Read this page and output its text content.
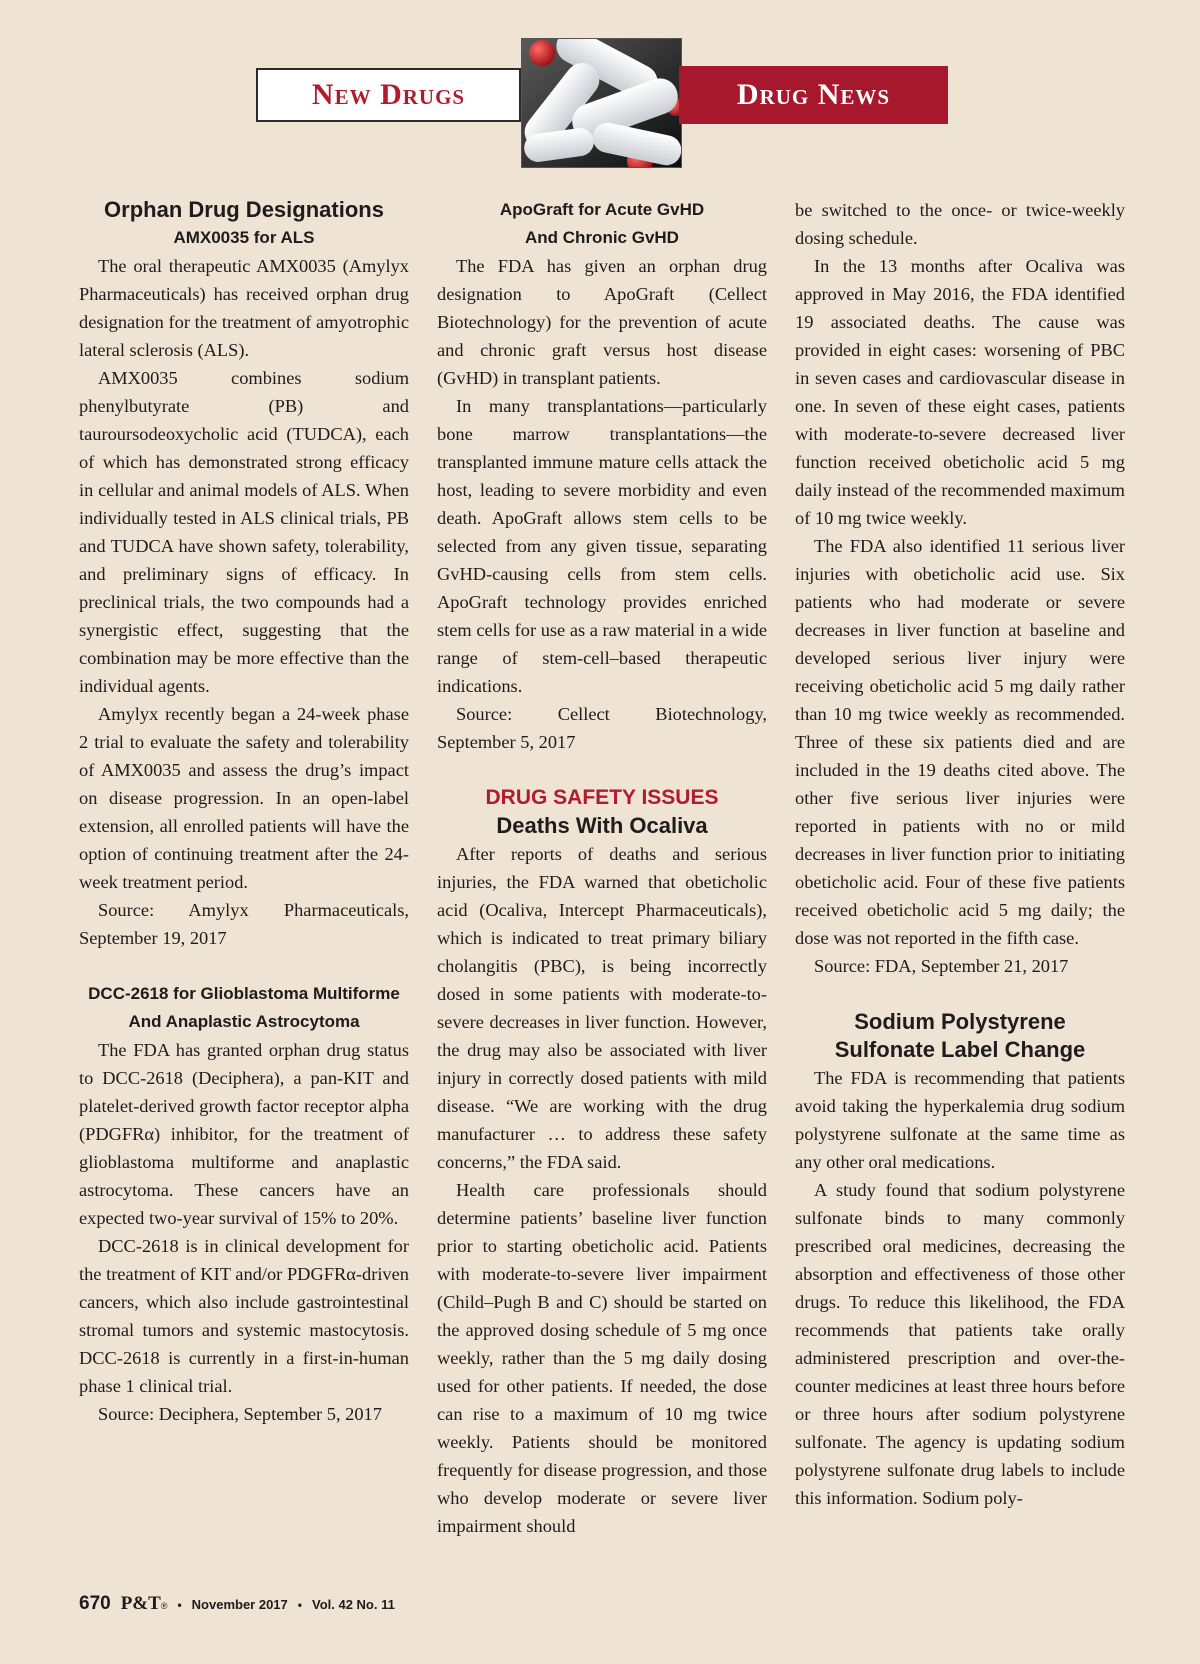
New Drugs	Drug News
Orphan Drug Designations
AMX0035 for ALS

The oral therapeutic AMX0035 (Amylyx Pharmaceuticals) has received orphan drug designation for the treatment of amyotrophic lateral sclerosis (ALS).

AMX0035 combines sodium phenylbutyrate (PB) and tauroursodeoxycholic acid (TUDCA), each of which has demonstrated strong efficacy in cellular and animal models of ALS. When individually tested in ALS clinical trials, PB and TUDCA have shown safety, tolerability, and preliminary signs of efficacy. In preclinical trials, the two compounds had a synergistic effect, suggesting that the combination may be more effective than the individual agents.

Amylyx recently began a 24-week phase 2 trial to evaluate the safety and tolerability of AMX0035 and assess the drug’s impact on disease progression. In an open-label extension, all enrolled patients will have the option of continuing treatment after the 24-week treatment period.

Source: Amylyx Pharmaceuticals, September 19, 2017

DCC-2618 for Glioblastoma Multiforme
And Anaplastic Astrocytoma

The FDA has granted orphan drug status to DCC-2618 (Deciphera), a pan-KIT and platelet-derived growth factor receptor alpha (PDGFRα) inhibitor, for the treatment of glioblastoma multiforme and anaplastic astrocytoma. These cancers have an expected two-year survival of 15% to 20%.

DCC-2618 is in clinical development for the treatment of KIT and/or PDGFRα-driven cancers, which also include gastrointestinal stromal tumors and systemic mastocytosis. DCC-2618 is currently in a first-in-human phase 1 clinical trial.

Source: Deciphera, September 5, 2017

ApoGraft for Acute GvHD
And Chronic GvHD

The FDA has given an orphan drug designation to ApoGraft (Cellect Biotechnology) for the prevention of acute and chronic graft versus host disease (GvHD) in transplant patients.

In many transplantations—particularly bone marrow transplantations—the transplanted immune mature cells attack the host, leading to severe morbidity and even death. ApoGraft allows stem cells to be selected from any given tissue, separating GvHD-causing cells from stem cells. ApoGraft technology provides enriched stem cells for use as a raw material in a wide range of stem-cell–based therapeutic indications.

Source: Cellect Biotechnology, September 5, 2017

DRUG SAFETY ISSUES
Deaths With Ocaliva

After reports of deaths and serious injuries, the FDA warned that obeticholic acid (Ocaliva, Intercept Pharmaceuticals), which is indicated to treat primary biliary cholangitis (PBC), is being incorrectly dosed in some patients with moderate-to-severe decreases in liver function. However, the drug may also be associated with liver injury in correctly dosed patients with mild disease. “We are working with the drug manufacturer … to address these safety concerns,” the FDA said.

Health care professionals should determine patients’ baseline liver function prior to starting obeticholic acid. Patients with moderate-to-severe liver impairment (Child–Pugh B and C) should be started on the approved dosing schedule of 5 mg once weekly, rather than the 5 mg daily dosing used for other patients. If needed, the dose can rise to a maximum of 10 mg twice weekly. Patients should be monitored frequently for disease progression, and those who develop moderate or severe liver impairment should

be switched to the once- or twice-weekly dosing schedule.

In the 13 months after Ocaliva was approved in May 2016, the FDA identified 19 associated deaths. The cause was provided in eight cases: worsening of PBC in seven cases and cardiovascular disease in one. In seven of these eight cases, patients with moderate-to-severe decreased liver function received obeticholic acid 5 mg daily instead of the recommended maximum of 10 mg twice weekly.

The FDA also identified 11 serious liver injuries with obeticholic acid use. Six patients who had moderate or severe decreases in liver function at baseline and developed serious liver injury were receiving obeticholic acid 5 mg daily rather than 10 mg twice weekly as recommended. Three of these six patients died and are included in the 19 deaths cited above. The other five serious liver injuries were reported in patients with no or mild decreases in liver function prior to initiating obeticholic acid. Four of these five patients received obeticholic acid 5 mg daily; the dose was not reported in the fifth case.

Source: FDA, September 21, 2017

Sodium Polystyrene
Sulfonate Label Change

The FDA is recommending that patients avoid taking the hyperkalemia drug sodium polystyrene sulfonate at the same time as any other oral medications.

A study found that sodium polystyrene sulfonate binds to many commonly prescribed oral medicines, decreasing the absorption and effectiveness of those other drugs. To reduce this likelihood, the FDA recommends that patients take orally administered prescription and over-the-counter medicines at least three hours before or three hours after sodium polystyrene sulfonate. The agency is updating sodium polystyrene sulfonate drug labels to include this information. Sodium poly-

670 P&T® • November 2017 • Vol. 42 No. 11
